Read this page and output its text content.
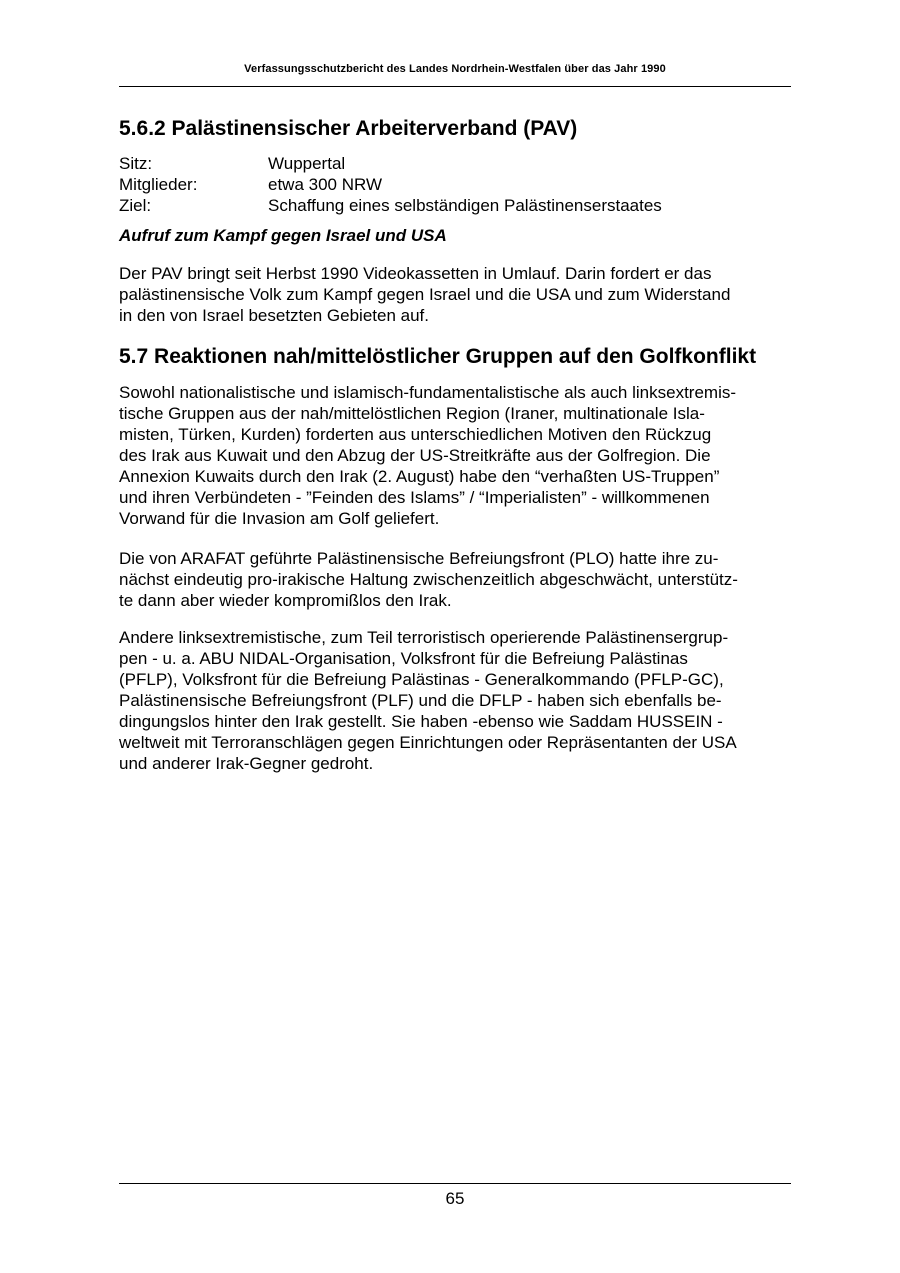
Verfassungsschutzbericht des Landes Nordrhein-Westfalen über das Jahr 1990
5.6.2 Palästinensischer Arbeiterverband (PAV)
Sitz:	Wuppertal
Mitglieder:	etwa 300 NRW
Ziel:	Schaffung eines selbständigen Palästinenserstaates
Aufruf zum Kampf gegen Israel und USA

Der PAV bringt seit Herbst 1990 Videokassetten in Umlauf. Darin fordert er das
palästinensische Volk zum Kampf gegen Israel und die USA und zum Widerstand
in den von Israel besetzten Gebieten auf.

5.7 Reaktionen nah/mittelöstlicher Gruppen auf den Golfkonflikt

Sowohl nationalistische und islamisch-fundamentalistische als auch linksextremis-
tische Gruppen aus der nah/mittelöstlichen Region (Iraner, multinationale Isla-
misten, Türken, Kurden) forderten aus unterschiedlichen Motiven den Rückzug
des Irak aus Kuwait und den Abzug der US-Streitkräfte aus der Golfregion. Die
Annexion Kuwaits durch den Irak (2. August) habe den “verhaßten US-Truppen”
und ihren Verbündeten - ”Feinden des Islams” / “Imperialisten” - willkommenen
Vorwand für die Invasion am Golf geliefert.

Die von ARAFAT geführte Palästinensische Befreiungsfront (PLO) hatte ihre zu-
nächst eindeutig pro-irakische Haltung zwischenzeitlich abgeschwächt, unterstütz-
te dann aber wieder kompromißlos den Irak.

Andere linksextremistische, zum Teil terroristisch operierende Palästinensergrup-
pen - u. a. ABU NIDAL-Organisation, Volksfront für die Befreiung Palästinas
(PFLP), Volksfront für die Befreiung Palästinas - Generalkommando (PFLP-GC),
Palästinensische Befreiungsfront (PLF) und die DFLP - haben sich ebenfalls be-
dingungslos hinter den Irak gestellt. Sie haben -ebenso wie Saddam HUSSEIN -
weltweit mit Terroranschlägen gegen Einrichtungen oder Repräsentanten der USA
und anderer Irak-Gegner gedroht.

65
